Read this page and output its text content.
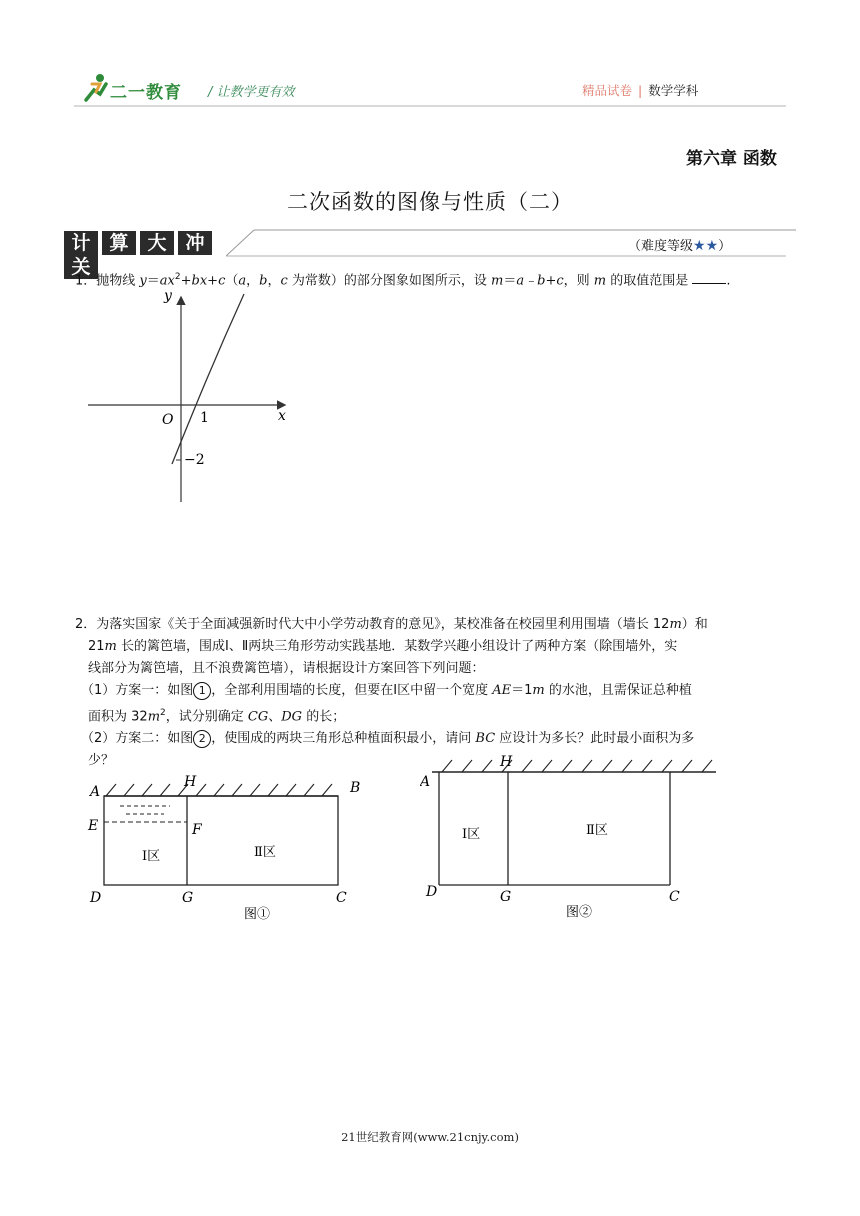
二一教育 / 让教学更有效	精品试卷 | 数学学科
第六章 函数
二次函数的图像与性质（二）
计 算 大 冲关
（难度等级★★）
1．抛物线 $y=ax^2+bx+c(a$，b，c 为常数）的部分图象如图所示，设 m＝a﹣b+c，则 m 的取值范围是	.
y
x
O 1
−2
2．为落实国家《关于全面减强新时代大中小学劳动教育的意见》，某校准备在校园里利用围墙（墙长 12m）和
21m 长的篱笆墙，围成Ⅰ、Ⅱ两块三角形劳动实践基地．某数学兴趣小组设计了两种方案（除围墙外，实
线部分为篱笆墙，且不浪费篱笆墙），请根据设计方案回答下列问题：
（1）方案一：如图 1 ，全部利用围墙的长度，但要在Ⅰ区中留一个宽度 AE＝1m 的水池，且需保证总种植
面积为 $32m^2$，试分别确定 CG、DG 的长；
（2）方案二：如图 2 ，使围成的两块三角形总种植面积最小，请问 BC 应设计为多长？此时最小面积为多
少？
A
H	B
E	F
D	G	C
Ⅰ区	Ⅱ区
图①
A
H
D	G	C
Ⅰ区	Ⅱ区
图②
21世纪教育网(www.21cnjy.com)
